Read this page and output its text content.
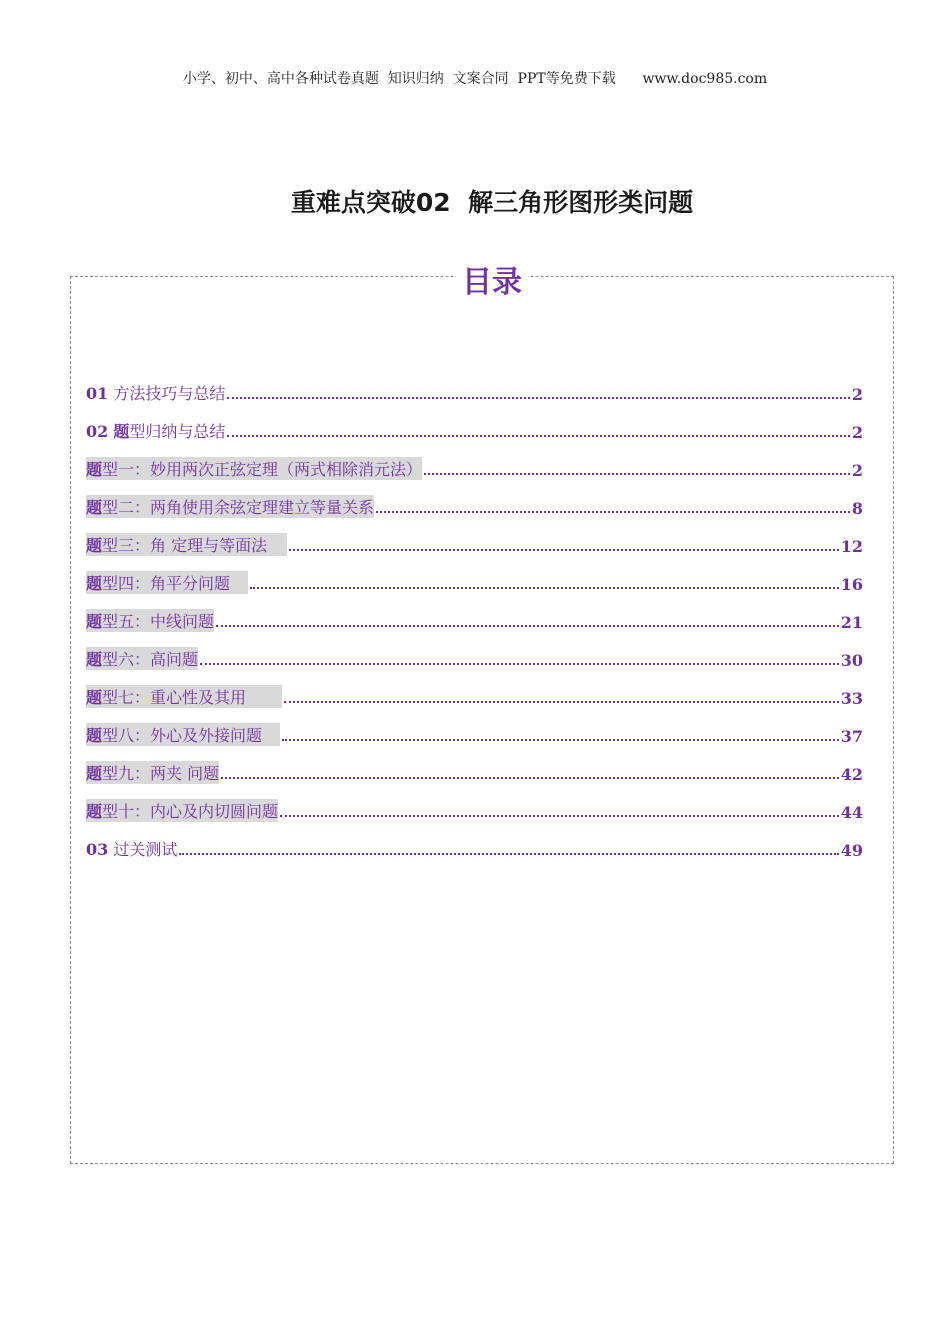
小学、初中、高中各种试卷真题  知识归纳  文案合同  PPT等免费下载      www.doc985.com
重难点突破02  解三角形图形类问题
目录
01 方法技巧与总结	2
02 题型归纳与总结	2
题型一：妙用两次正弦定理（两式相除消元法）	2
题型二：两角使用余弦定理建立等量关系	8
题型三：角 定理与等面法	12
题型四：角平分问题	16
题型五：中线问题	21
题型六：高问题	30
题型七：重心性及其用	33
题型八：外心及外接问题	37
题型九：两夹 问题	42
题型十：内心及内切圆问题	44
03 过关测试	49
